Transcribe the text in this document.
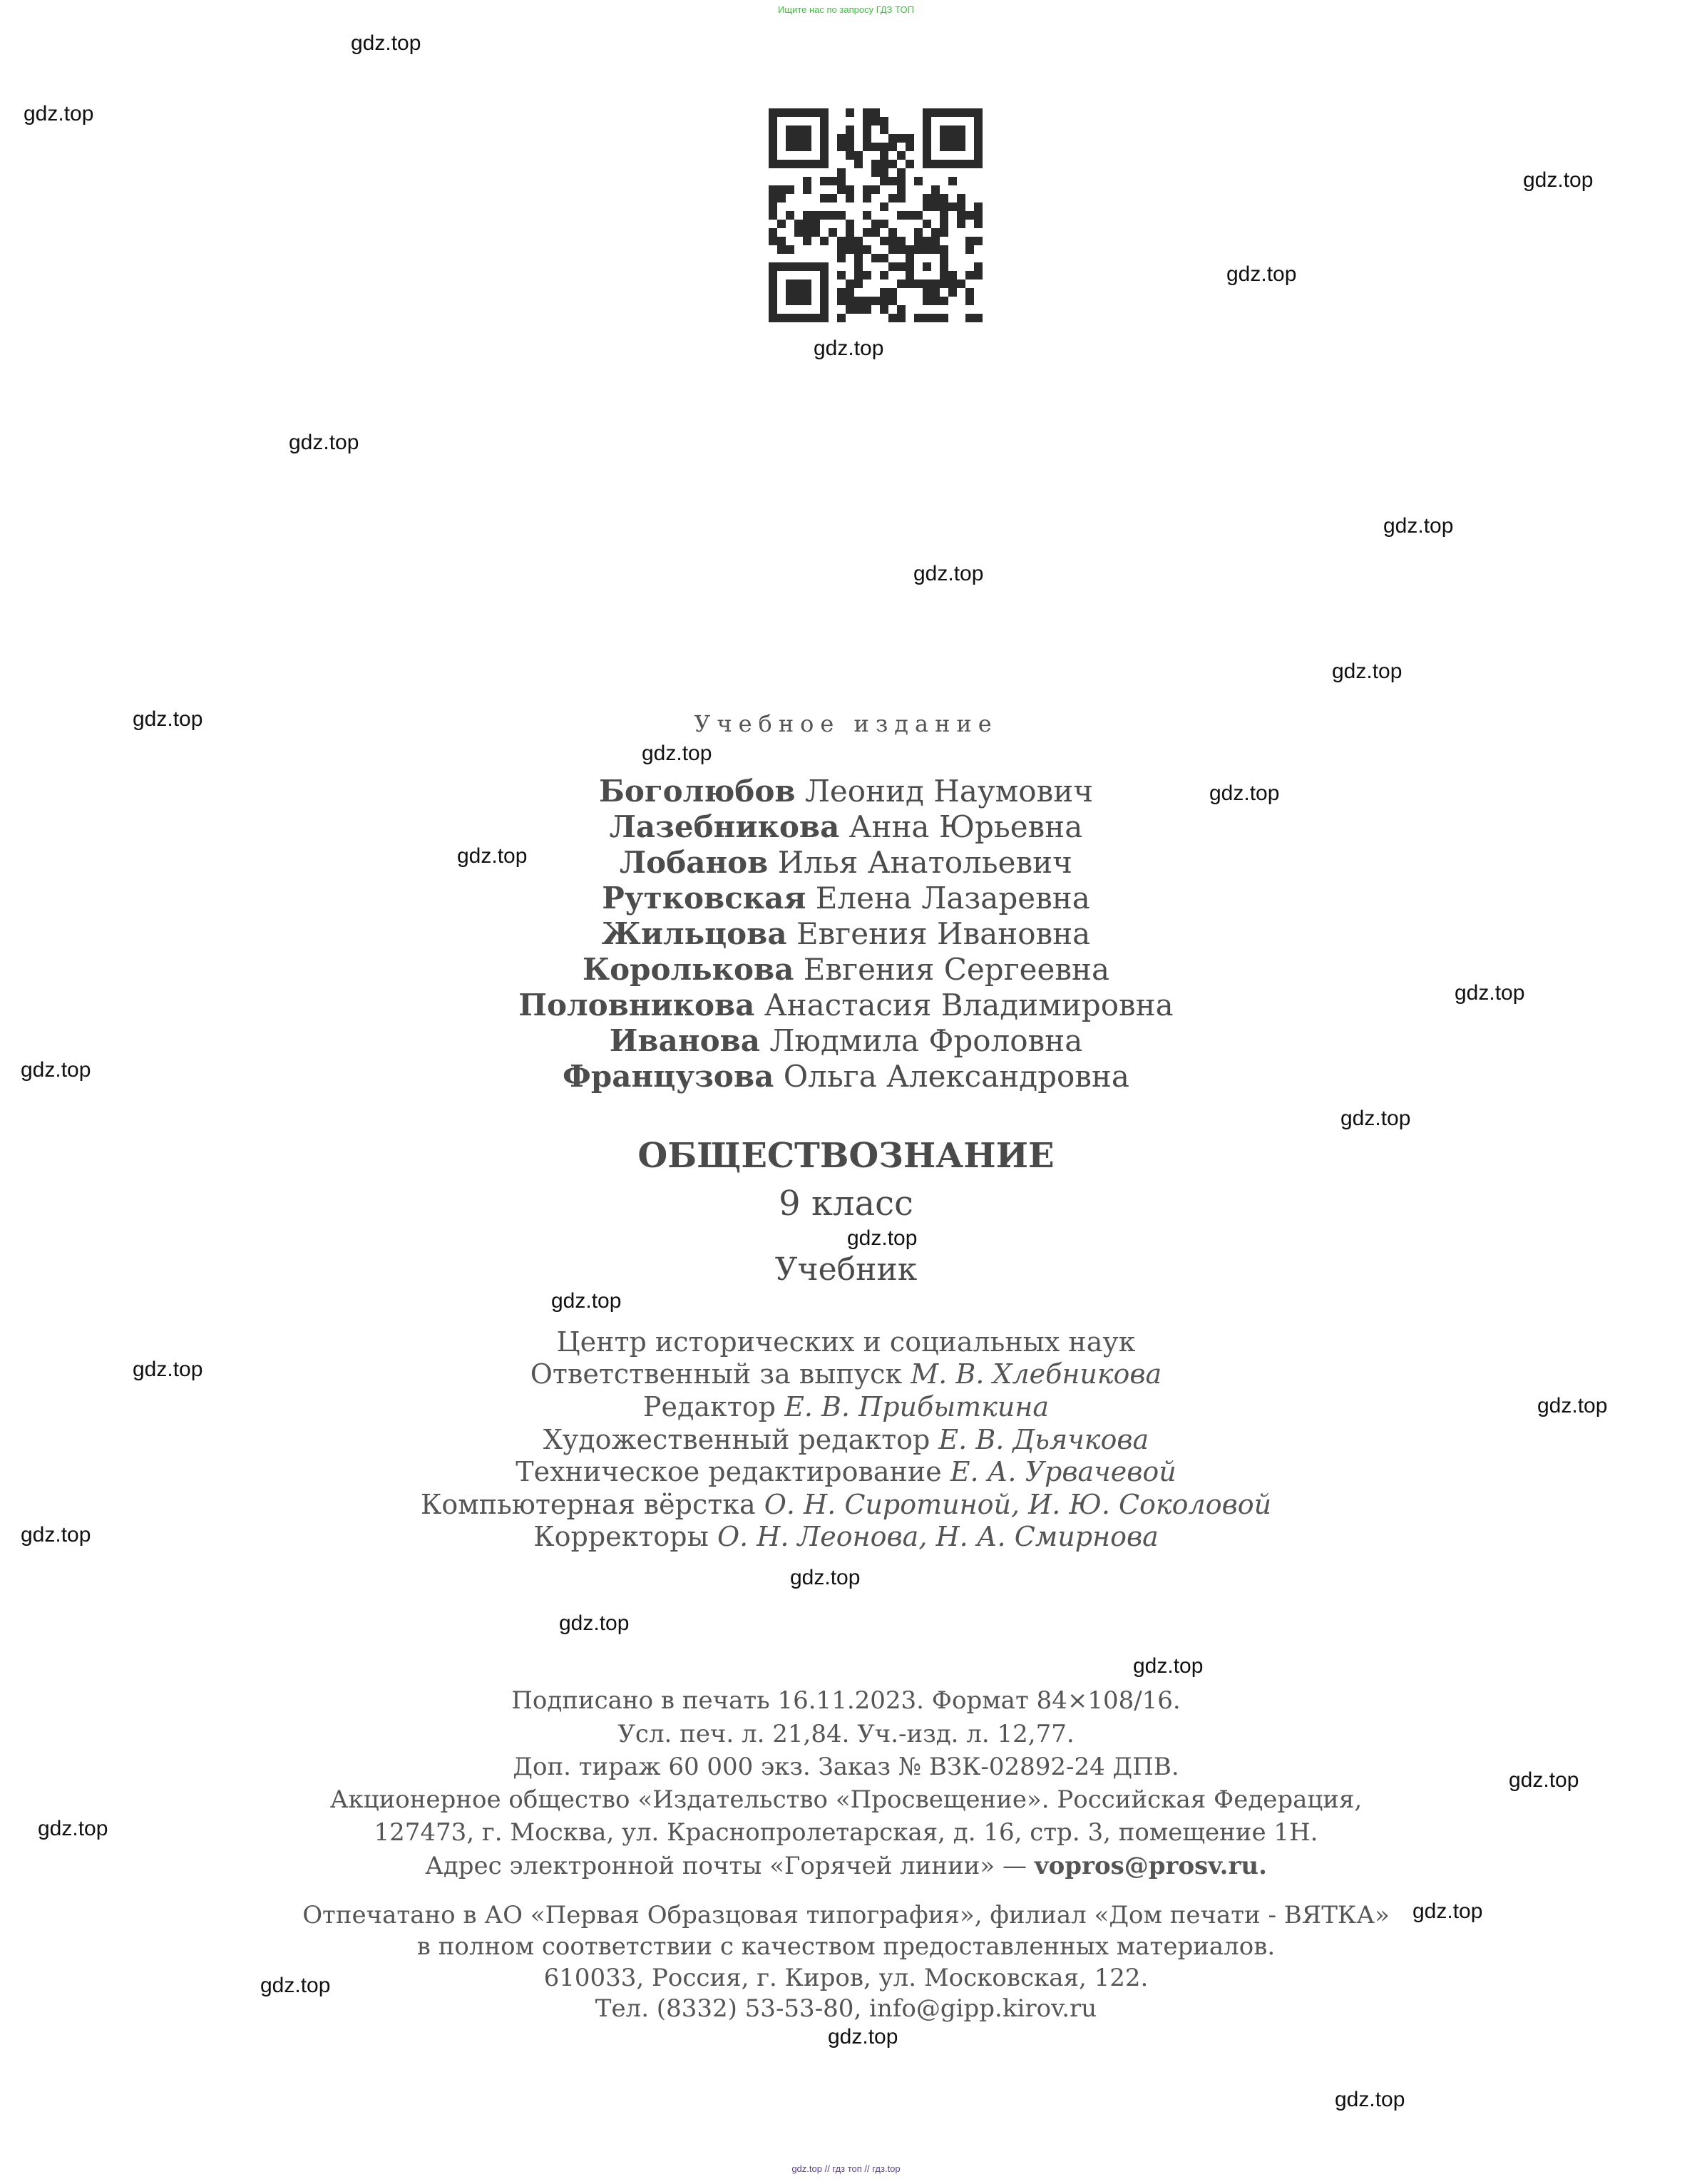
Ищите нас по запросу ГДЗ ТОП
gdz.top
gdz.top
gdz.top
gdz.top
gdz.top
gdz.top
gdz.top
gdz.top
gdz.top
gdz.top
gdz.top
gdz.top
gdz.top
gdz.top
gdz.top
gdz.top
gdz.top
gdz.top
gdz.top
gdz.top
gdz.top
gdz.top
gdz.top
gdz.top
gdz.top
gdz.top
gdz.top
gdz.top
gdz.top
gdz.top
Учебное издание
Боголюбов Леонид Наумович
Лазебникова Анна Юрьевна
Лобанов Илья Анатольевич
Рутковская Елена Лазаревна
Жильцова Евгения Ивановна
Королькова Евгения Сергеевна
Половникова Анастасия Владимировна
Иванова Людмила Фроловна
Французова Ольга Александровна
ОБЩЕСТВОЗНАНИЕ
9 класс
Учебник
Центр исторических и социальных наук
Ответственный за выпуск М. В. Хлебникова
Редактор Е. В. Прибыткина
Художественный редактор Е. В. Дьячкова
Техническое редактирование Е. А. Урвачевой
Компьютерная вёрстка О. Н. Сиротиной, И. Ю. Соколовой
Корректоры О. Н. Леонова, Н. А. Смирнова
Подписано в печать 16.11.2023. Формат 84×108/16.
Усл. печ. л. 21,84. Уч.-изд. л. 12,77.
Доп. тираж 60 000 экз. Заказ № ВЗК-02892-24 ДПВ.
Акционерное общество «Издательство «Просвещение». Российская Федерация,
127473, г. Москва, ул. Краснопролетарская, д. 16, стр. 3, помещение 1Н.
Адрес электронной почты «Горячей линии» — vopros@prosv.ru.
Отпечатано в АО «Первая Образцовая типография», филиал «Дом печати - ВЯТКА»
в полном соответствии с качеством предоставленных материалов.
610033, Россия, г. Киров, ул. Московская, 122.
Тел. (8332) 53-53-80, info@gipp.kirov.ru
gdz.top // гдз топ // гдз.top
